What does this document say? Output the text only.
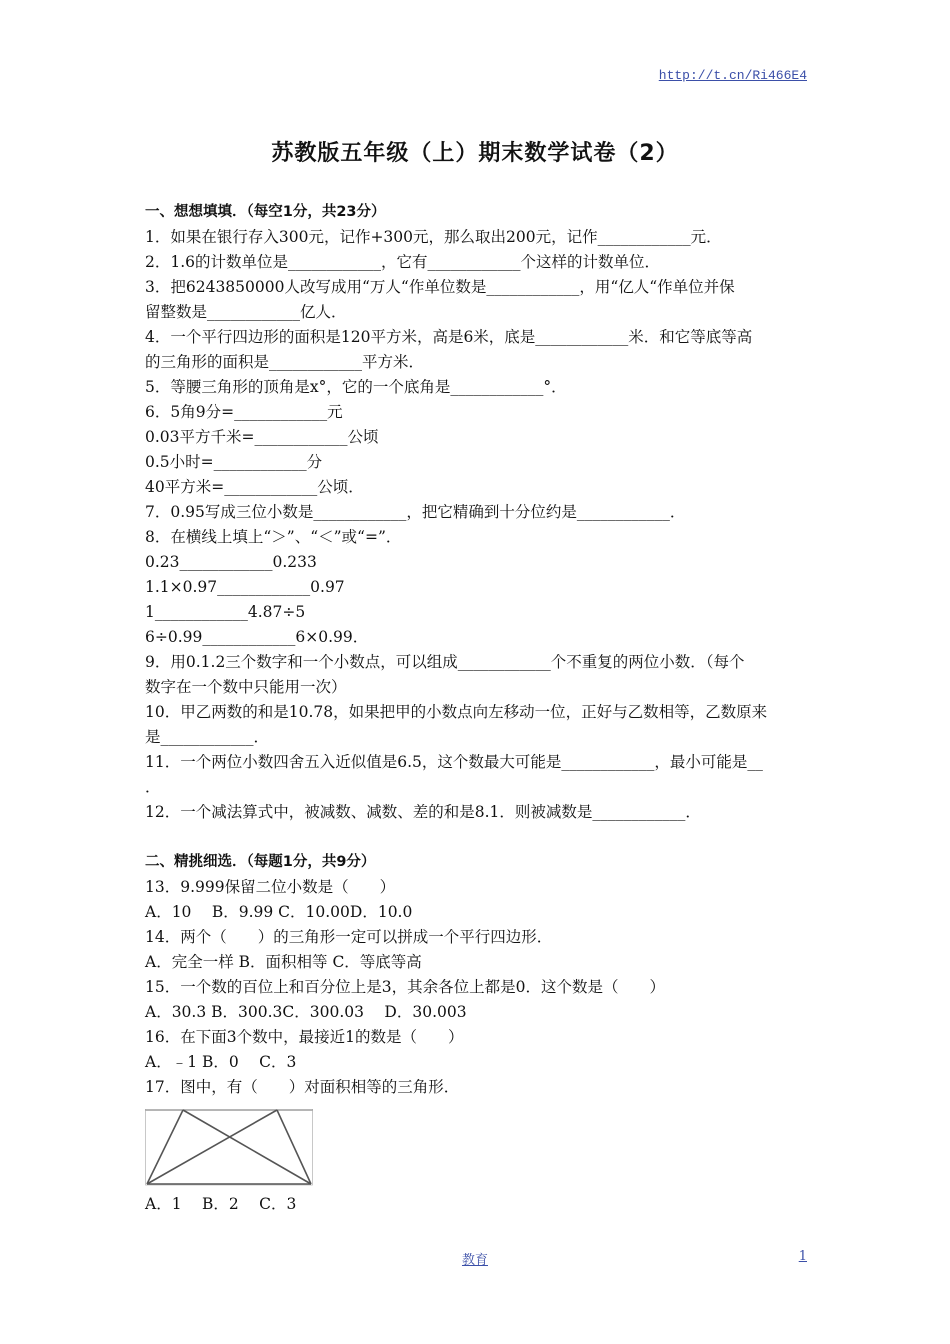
http://t.cn/Ri466E4
苏教版五年级（上）期末数学试卷（2）
一、想想填填．（每空1分，共23分）
1．如果在银行存入300元，记作+300元，那么取出200元，记作____________元．
2．1.6的计数单位是____________，它有____________个这样的计数单位．
3．把6243850000人改写成用“万人“作单位数是____________，用“亿人“作单位并保
留整数是____________亿人．
4．一个平行四边形的面积是120平方米，高是6米，底是____________米．和它等底等高
的三角形的面积是____________平方米．
5．等腰三角形的顶角是x°，它的一个底角是____________°．
6．5角9分=____________元
0.03平方千米=____________公顷
0.5小时=____________分
40平方米=____________公顷．
7．0.95写成三位小数是____________，把它精确到十分位约是____________．
8．在横线上填上“＞”、“＜”或“=”．
0.23____________0.233
1.1×0.97____________0.97
1____________4.87÷5
6÷0.99____________6×0.99．
9．用0.1.2三个数字和一个小数点，可以组成____________个不重复的两位小数．（每个
数字在一个数中只能用一次）
10．甲乙两数的和是10.78，如果把甲的小数点向左移动一位，正好与乙数相等，乙数原来
是____________．
11．一个两位小数四舍五入近似值是6.5，这个数最大可能是____________，最小可能是__
．
12．一个减法算式中，被减数、减数、差的和是8.1．则被减数是____________．
二、精挑细选．（每题1分，共9分）
13．9.999保留二位小数是（　　）
A．10　 B．9.99 C．10.00D．10.0
14．两个（　　）的三角形一定可以拼成一个平行四边形．
A．完全一样 B．面积相等 C．等底等高
15．一个数的百位上和百分位上是3，其余各位上都是0．这个数是（　　）
A．30.3 B．300.3C．300.03　 D．30.003
16．在下面3个数中，最接近1的数是（　　）
A．﹣1 B．0　 C．3
17．图中，有（　　）对面积相等的三角形．
A．1　 B．2　 C．3
教育	1
